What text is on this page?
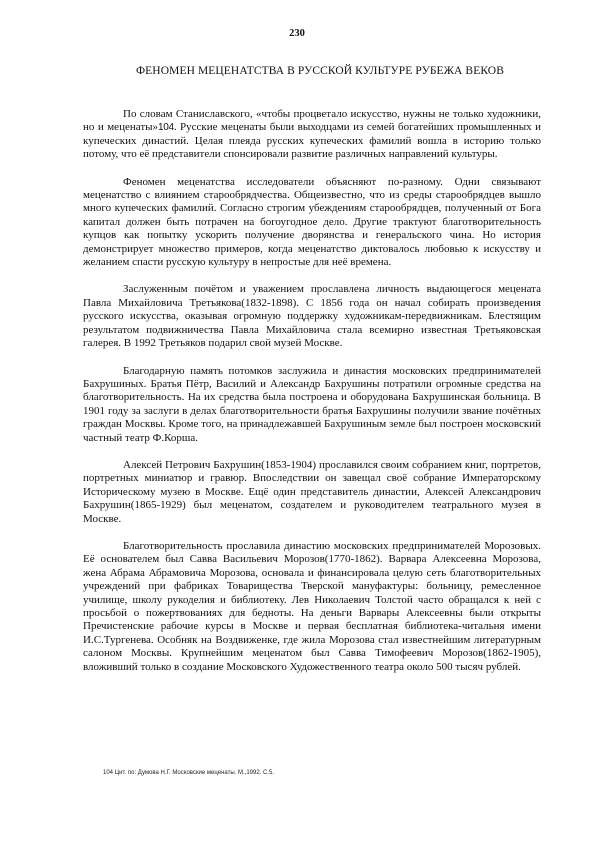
230
ФЕНОМЕН МЕЦЕНАТСТВА В РУССКОЙ КУЛЬТУРЕ РУБЕЖА ВЕКОВ

По словам Станиславского, «чтобы процветало искусство, нужны не только художники, но и меценаты»104. Русские меценаты были выходцами из семей богатейших промышленных и купеческих династий. Целая плеяда русских купеческих фамилий вошла в историю только потому, что её представители спонсировали развитие различных направлений культуры.

Феномен меценатства исследователи объясняют по-разному. Одни связывают меценатство с влиянием старообрядчества. Общеизвестно, что из среды старообрядцев вышло много купеческих фамилий. Согласно строгим убеждениям старообрядцев, полученный от Бога капитал должен быть потрачен на богоугодное дело. Другие трактуют благотворительность купцов как попытку ускорить получение дворянства и генеральского чина. Но история демонстрирует множество примеров, когда меценатство диктовалось любовью к искусству и желанием спасти русскую культуру в непростые для неё времена.

Заслуженным почётом и уважением прославлена личность выдающегося мецената Павла Михайловича Третьякова(1832-1898). С 1856 года он начал собирать произведения русского искусства, оказывая огромную поддержку художникам-передвижникам. Блестящим результатом подвижничества Павла Михайловича стала всемирно известная Третьяковская галерея. В 1992 Третьяков подарил свой музей Москве.

Благодарную память потомков заслужила и династия московских предпринимателей Бахрушиных. Братья Пётр, Василий и Александр Бахрушины потратили огромные средства на благотворительность. На их средства была построена и оборудована Бахрушинская больница. В 1901 году за заслуги в делах благотворительности братья Бахрушины получили звание почётных граждан Москвы. Кроме того, на принадлежавшей Бахрушиным земле был построен московский частный театр Ф.Корша.

Алексей Петрович Бахрушин(1853-1904) прославился своим собранием книг, портретов, портретных миниатюр и гравюр. Впоследствии он завещал своё собрание Императорскому Историческому музею в Москве. Ещё один представитель династии, Алексей Александрович Бахрушин(1865-1929) был меценатом, создателем и руководителем театрального музея в Москве.

Благотворительность прославила династию московских предпринимателей Морозовых. Её основателем был Савва Васильевич Морозов(1770-1862). Варвара Алексеевна Морозова, жена Абрама Абрамовича Морозова, основала и финансировала целую сеть благотворительных учреждений при фабриках Товарищества Тверской мануфактуры: больницу, ремесленное училище, школу рукоделия и библиотеку. Лев Николаевич Толстой часто обращался к ней с просьбой о пожертвованиях для бедноты. На деньги Варвары Алексеевны были открыты Пречистенские рабочие курсы в Москве и первая бесплатная библиотека-читальня имени И.С.Тургенева. Особняк на Воздвиженке, где жила Морозова стал известнейшим литературным салоном Москвы. Крупнейшим меценатом был Савва Тимофеевич Морозов(1862-1905), вложивший только в создание Московского Художественного театра около 500 тысяч рублей.

104 Цит. по: Думова Н.Г. Московские меценаты. М.,1992. С.5.
